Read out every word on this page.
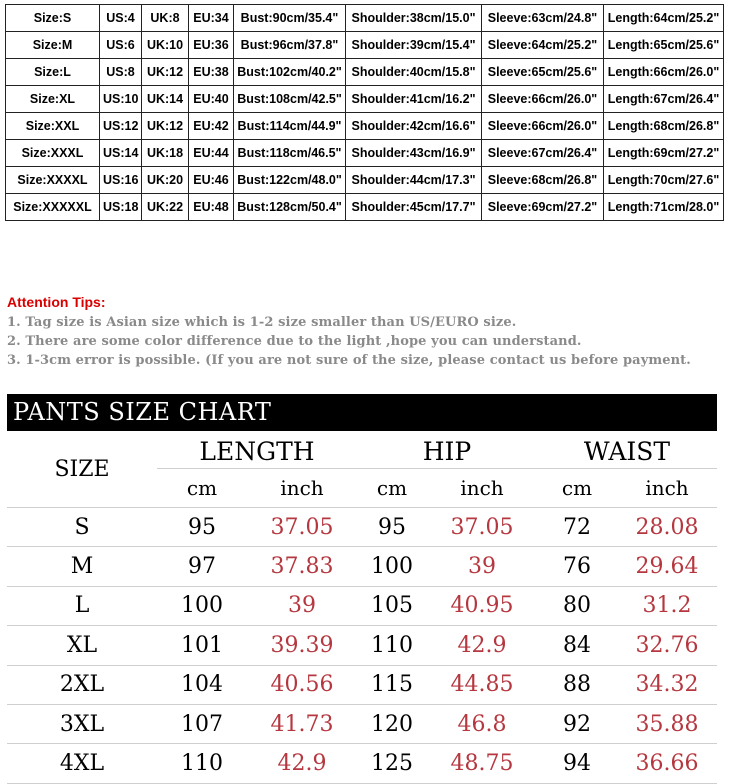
Size:S	US:4	UK:8	EU:34	Bust:90cm/35.4"	Shoulder:38cm/15.0"	Sleeve:63cm/24.8"	Length:64cm/25.2"
Size:M	US:6	UK:10	EU:36	Bust:96cm/37.8"	Shoulder:39cm/15.4"	Sleeve:64cm/25.2"	Length:65cm/25.6"
Size:L	US:8	UK:12	EU:38	Bust:102cm/40.2"	Shoulder:40cm/15.8"	Sleeve:65cm/25.6"	Length:66cm/26.0"
Size:XL	US:10	UK:14	EU:40	Bust:108cm/42.5"	Shoulder:41cm/16.2"	Sleeve:66cm/26.0"	Length:67cm/26.4"
Size:XXL	US:12	UK:12	EU:42	Bust:114cm/44.9"	Shoulder:42cm/16.6"	Sleeve:66cm/26.0"	Length:68cm/26.8"
Size:XXXL	US:14	UK:18	EU:44	Bust:118cm/46.5"	Shoulder:43cm/16.9"	Sleeve:67cm/26.4"	Length:69cm/27.2"
Size:XXXXL	US:16	UK:20	EU:46	Bust:122cm/48.0"	Shoulder:44cm/17.3"	Sleeve:68cm/26.8"	Length:70cm/27.6"
Size:XXXXXL	US:18	UK:22	EU:48	Bust:128cm/50.4"	Shoulder:45cm/17.7"	Sleeve:69cm/27.2"	Length:71cm/28.0"
Attention Tips:
1. Tag size is Asian size which is 1-2 size smaller than US/EURO size.
2. There are some color difference due to the light ,hope you can understand.
3. 1-3cm error is possible. (If you are not sure of the size, please contact us before payment.
PANTS SIZE CHART
SIZE
LENGTH	HIP	WAIST
cm	inch	cm	inch	cm	inch
S	95	37.05	95	37.05	72	28.08
M	97	37.83	100	39	76	29.64
L	100	39	105	40.95	80	31.2
XL	101	39.39	110	42.9	84	32.76
2XL	104	40.56	115	44.85	88	34.32
3XL	107	41.73	120	46.8	92	35.88
4XL	110	42.9	125	48.75	94	36.66
